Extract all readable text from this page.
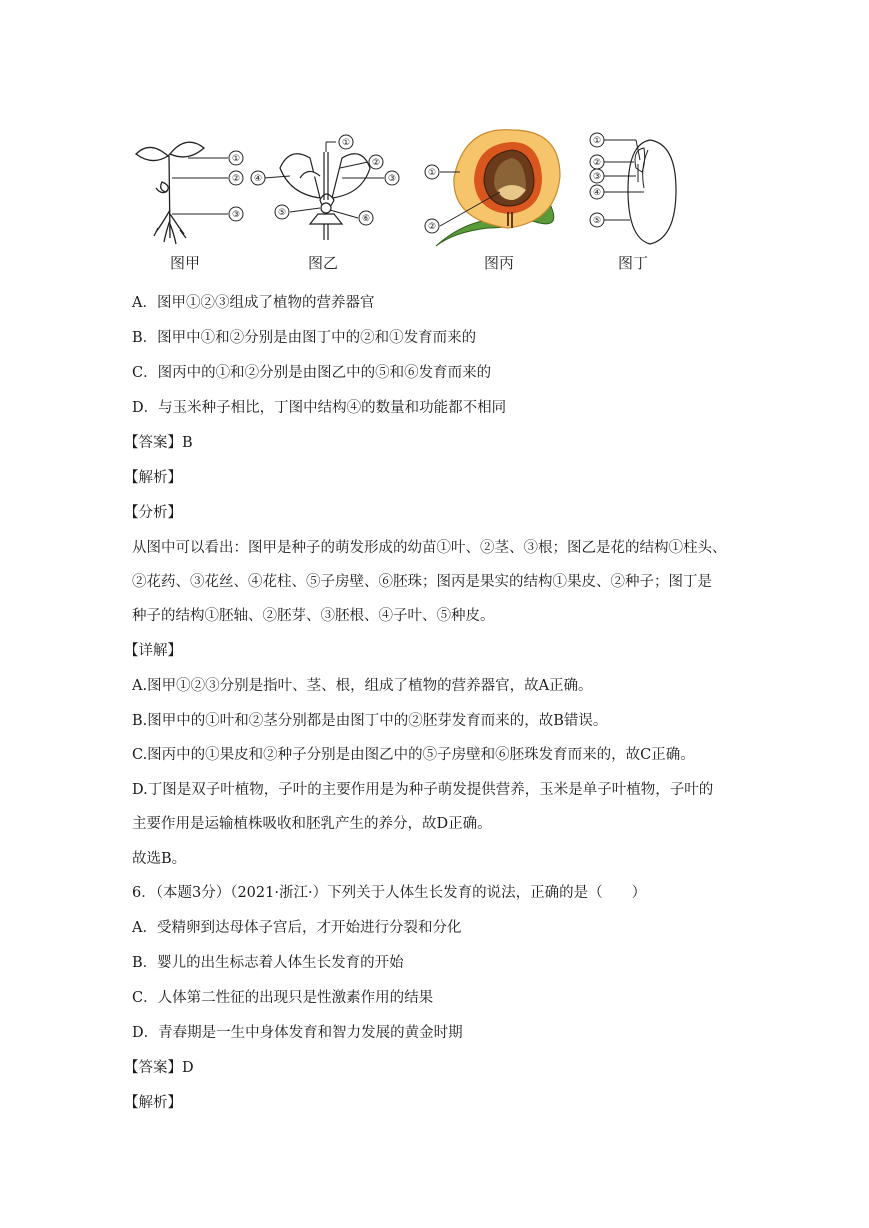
①
②
③
图甲
①
②
③
④
⑤
⑥
图乙
①
②
图丙
①
②
③
④
⑤
图丁
A．图甲①②③组成了植物的营养器官
B．图甲中①和②分别是由图丁中的②和①发育而来的
C．图丙中的①和②分别是由图乙中的⑤和⑥发育而来的
D．与玉米种子相比，丁图中结构④的数量和功能都不相同
【答案】B
【解析】
【分析】
从图中可以看出：图甲是种子的萌发形成的幼苗①叶、②茎、③根；图乙是花的结构①柱头、
②花药、③花丝、④花柱、⑤子房壁、⑥胚珠；图丙是果实的结构①果皮、②种子；图丁是
种子的结构①胚轴、②胚芽、③胚根、④子叶、⑤种皮。
【详解】
A.图甲①②③分别是指叶、茎、根，组成了植物的营养器官，故A正确。
B.图甲中的①叶和②茎分别都是由图丁中的②胚芽发育而来的，故B错误。
C.图丙中的①果皮和②种子分别是由图乙中的⑤子房壁和⑥胚珠发育而来的，故C正确。
D.丁图是双子叶植物，子叶的主要作用是为种子萌发提供营养，玉米是单子叶植物，子叶的
主要作用是运输植株吸收和胚乳产生的养分，故D正确。
故选B。
6．（本题3分）（2021·浙江·）下列关于人体生长发育的说法，正确的是（　　）
A．受精卵到达母体子宫后，才开始进行分裂和分化
B．婴儿的出生标志着人体生长发育的开始
C．人体第二性征的出现只是性激素作用的结果
D．青春期是一生中身体发育和智力发展的黄金时期
【答案】D
【解析】
